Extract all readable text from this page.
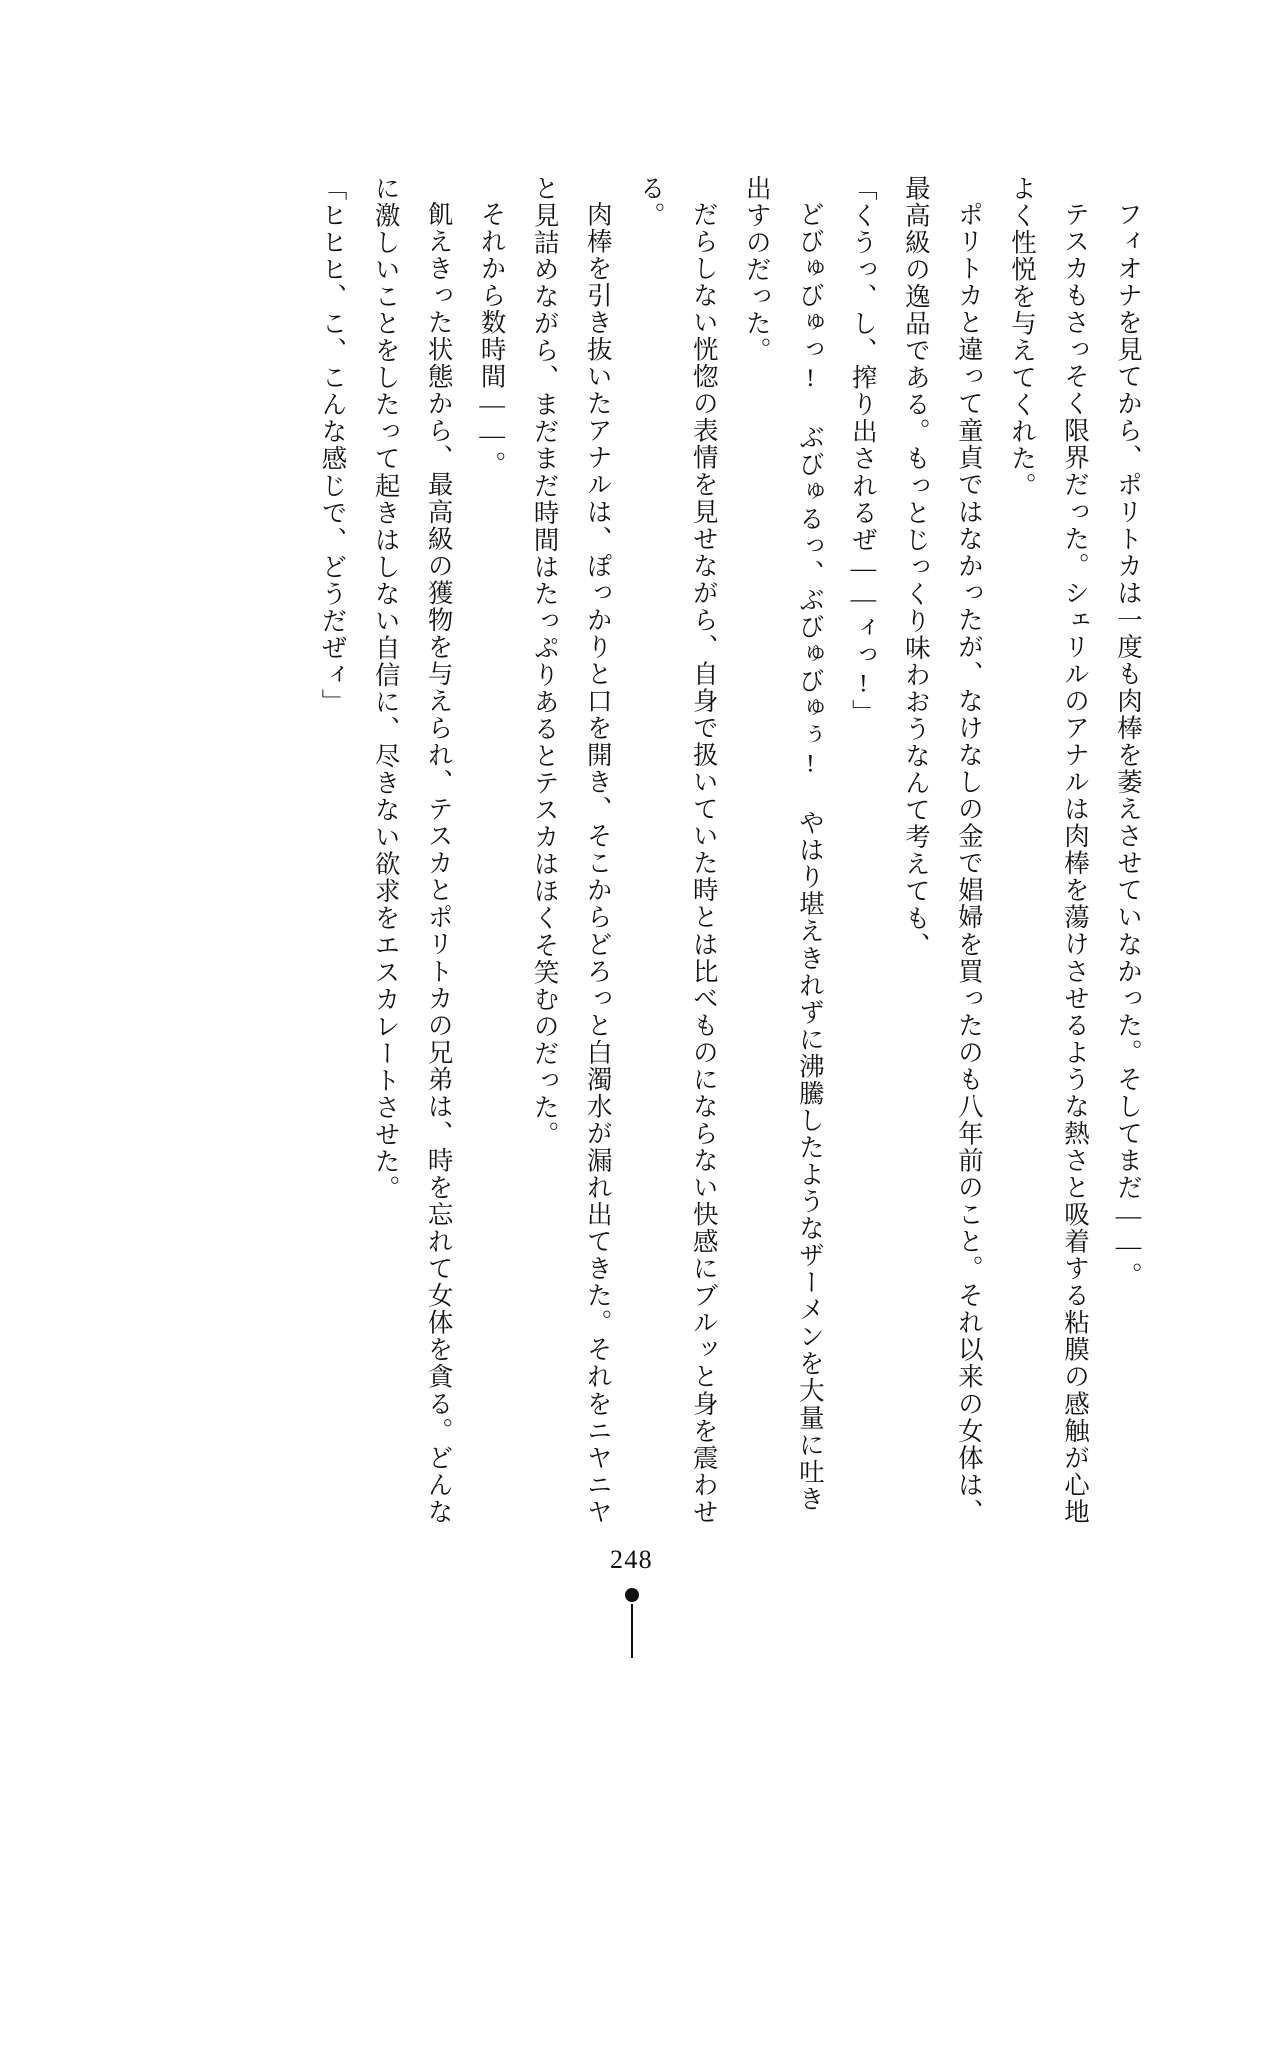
フィオナを見てから、ポリトカは一度も肉棒を萎えさせていなかった。そしてまだ――。

テスカもさっそく限界だった。シェリルのアナルは肉棒を蕩けさせるような熱さと吸着する粘膜の感触が心地よく性悦を与えてくれた。

ポリトカと違って童貞ではなかったが、なけなしの金で娼婦を買ったのも八年前のこと。それ以来の女体は、最高級の逸品である。もっとじっくり味わおうなんて考えても、

「くうっ、し、搾り出されるぜ――ィっ!」

どびゅびゅっ! ぶびゅるっ、ぶびゅびゅぅ! やはり堪えきれずに沸騰したようなザーメンを大量に吐き出すのだった。

だらしない恍惚の表情を見せながら、自身で扱いていた時とは比べものにならない快感にブルッと身を震わせる。

肉棒を引き抜いたアナルは、ぽっかりと口を開き、そこからどろっと白濁水が漏れ出てきた。それをニヤニヤと見詰めながら、まだまだ時間はたっぷりあるとテスカはほくそ笑むのだった。

それから数時間――。

飢えきった状態から、最高級の獲物を与えられ、テスカとポリトカの兄弟は、時を忘れて女体を貪る。どんなに激しいことをしたって起きはしない自信に、尽きない欲求をエスカレートさせた。

「ヒヒヒ、こ、こんな感じで、どうだぜィ」

248
